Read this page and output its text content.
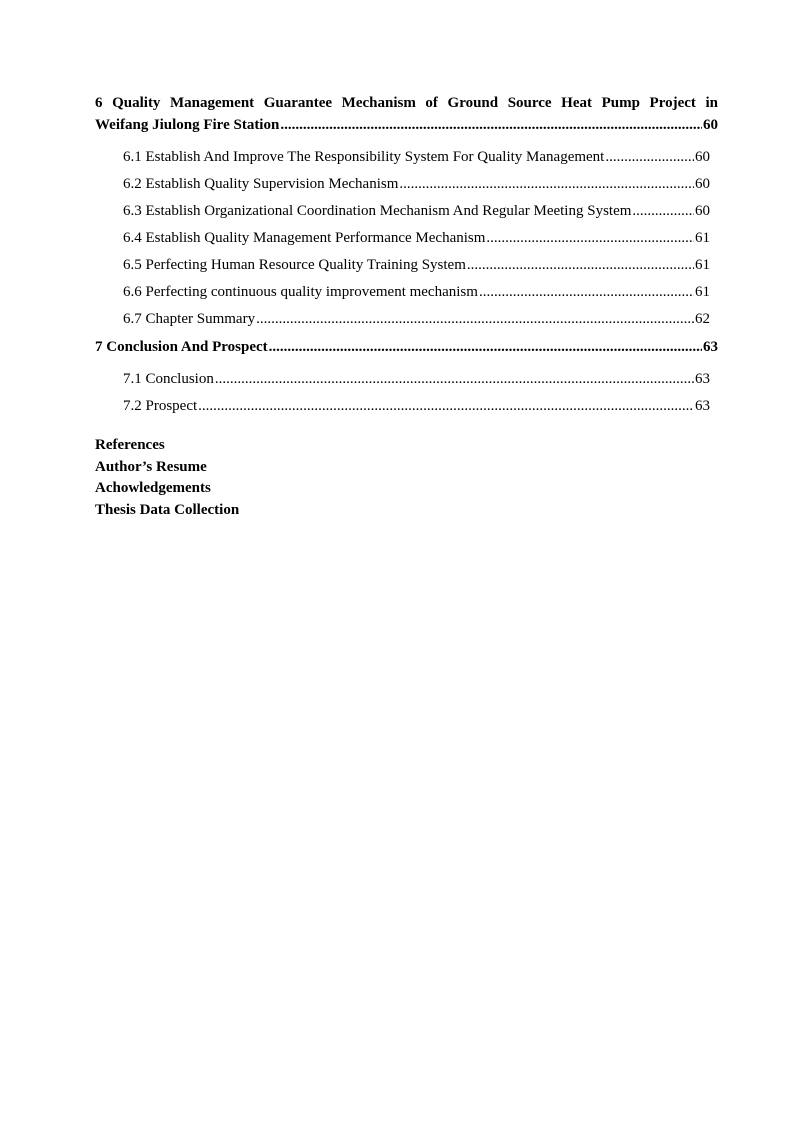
6 Quality Management Guarantee Mechanism of Ground Source Heat Pump Project in
Weifang Jiulong Fire Station .....	60
6.1 Establish And Improve The Responsibility System For Quality Management .....	60
6.2 Establish Quality Supervision Mechanism .....	60
6.3 Establish Organizational Coordination Mechanism And Regular Meeting System .....	60
6.4 Establish Quality Management Performance Mechanism .....	61
6.5 Perfecting Human Resource Quality Training System .....	61
6.6 Perfecting continuous quality improvement mechanism .....	61
6.7 Chapter Summary .....	62
7 Conclusion And Prospect .....	63
7.1 Conclusion .....	63
7.2 Prospect .....	63
References
Author’s Resume
Achowledgements
Thesis Data Collection
